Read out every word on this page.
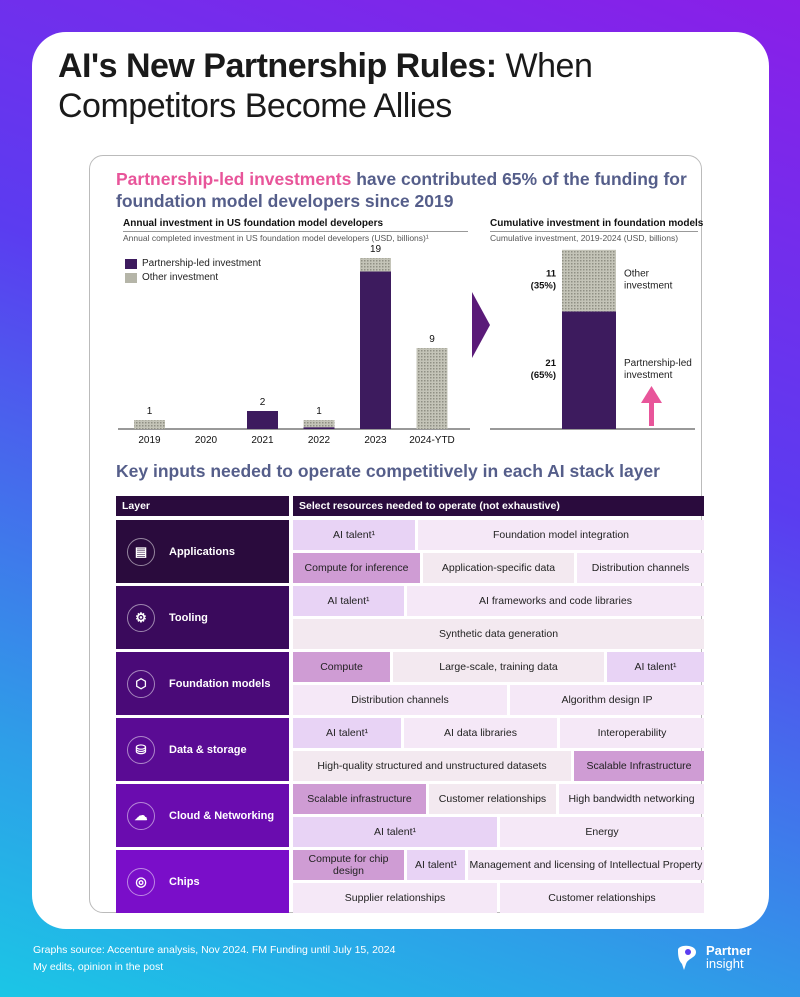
AI's New Partnership Rules: When Competitors Become Allies
Partnership-led investments have contributed 65% of the funding for foundation model developers since 2019
Annual investment in US foundation model developers
Annual completed investment in US foundation model developers (USD, billions)¹
Partnership-led investment
Other investment
1
2019	2020
2
2021
1
2022
19
2023
9
2024-YTD
Cumulative investment in foundation models
Cumulative investment, 2019-2024 (USD, billions)
11
(35%)
21
(65%)
Other
investment
Partnership-led
investment
Key inputs needed to operate competitively in each AI stack layer
Layer	Select resources needed to operate (not exhaustive)
▤	Applications
AI talent¹	Foundation model integration
Compute for inference	Application-specific data	Distribution channels
⚙	Tooling
AI talent¹	AI frameworks and code libraries
Synthetic data generation
⬡	Foundation models
Compute	Large-scale, training data	AI talent¹
Distribution channels	Algorithm design IP
⛁	Data & storage
AI talent¹	AI data libraries	Interoperability
High-quality structured and unstructured datasets	Scalable Infrastructure
☁	Cloud & Networking
Scalable infrastructure	Customer relationships	High bandwidth networking
AI talent¹	Energy
◎	Chips
Compute for chip design	AI talent¹	Management and licensing of Intellectual Property
Supplier relationships	Customer relationships
Graphs source: Accenture analysis, Nov 2024. FM Funding until July 15, 2024
My edits, opinion in the post
Partner
insight
